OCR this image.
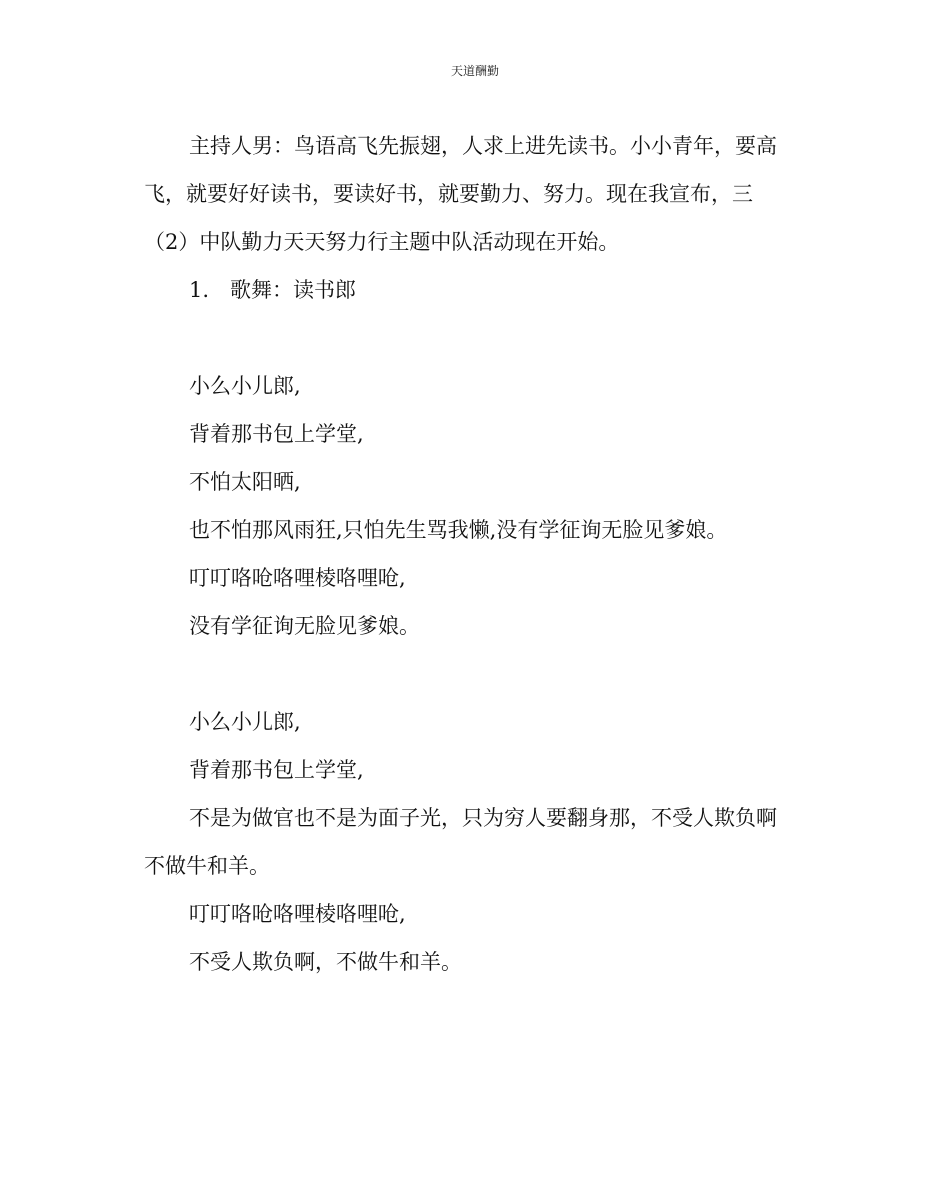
天道酬勤
主持人男：鸟语高飞先振翅，人求上进先读书。小小青年，要高
飞，就要好好读书，要读好书，就要勤力、努力。现在我宣布，三
（2）中队勤力天天努力行主题中队活动现在开始。
1.　歌舞：读书郎
小么小儿郎,
背着那书包上学堂,
不怕太阳晒,
也不怕那风雨狂,只怕先生骂我懒,没有学征询无脸见爹娘。
叮叮咯呛咯哩棱咯哩呛,
没有学征询无脸见爹娘。
小么小儿郎,
背着那书包上学堂,
不是为做官也不是为面子光，只为穷人要翻身那，不受人欺负啊
不做牛和羊。
叮叮咯呛咯哩棱咯哩呛,
不受人欺负啊，不做牛和羊。
